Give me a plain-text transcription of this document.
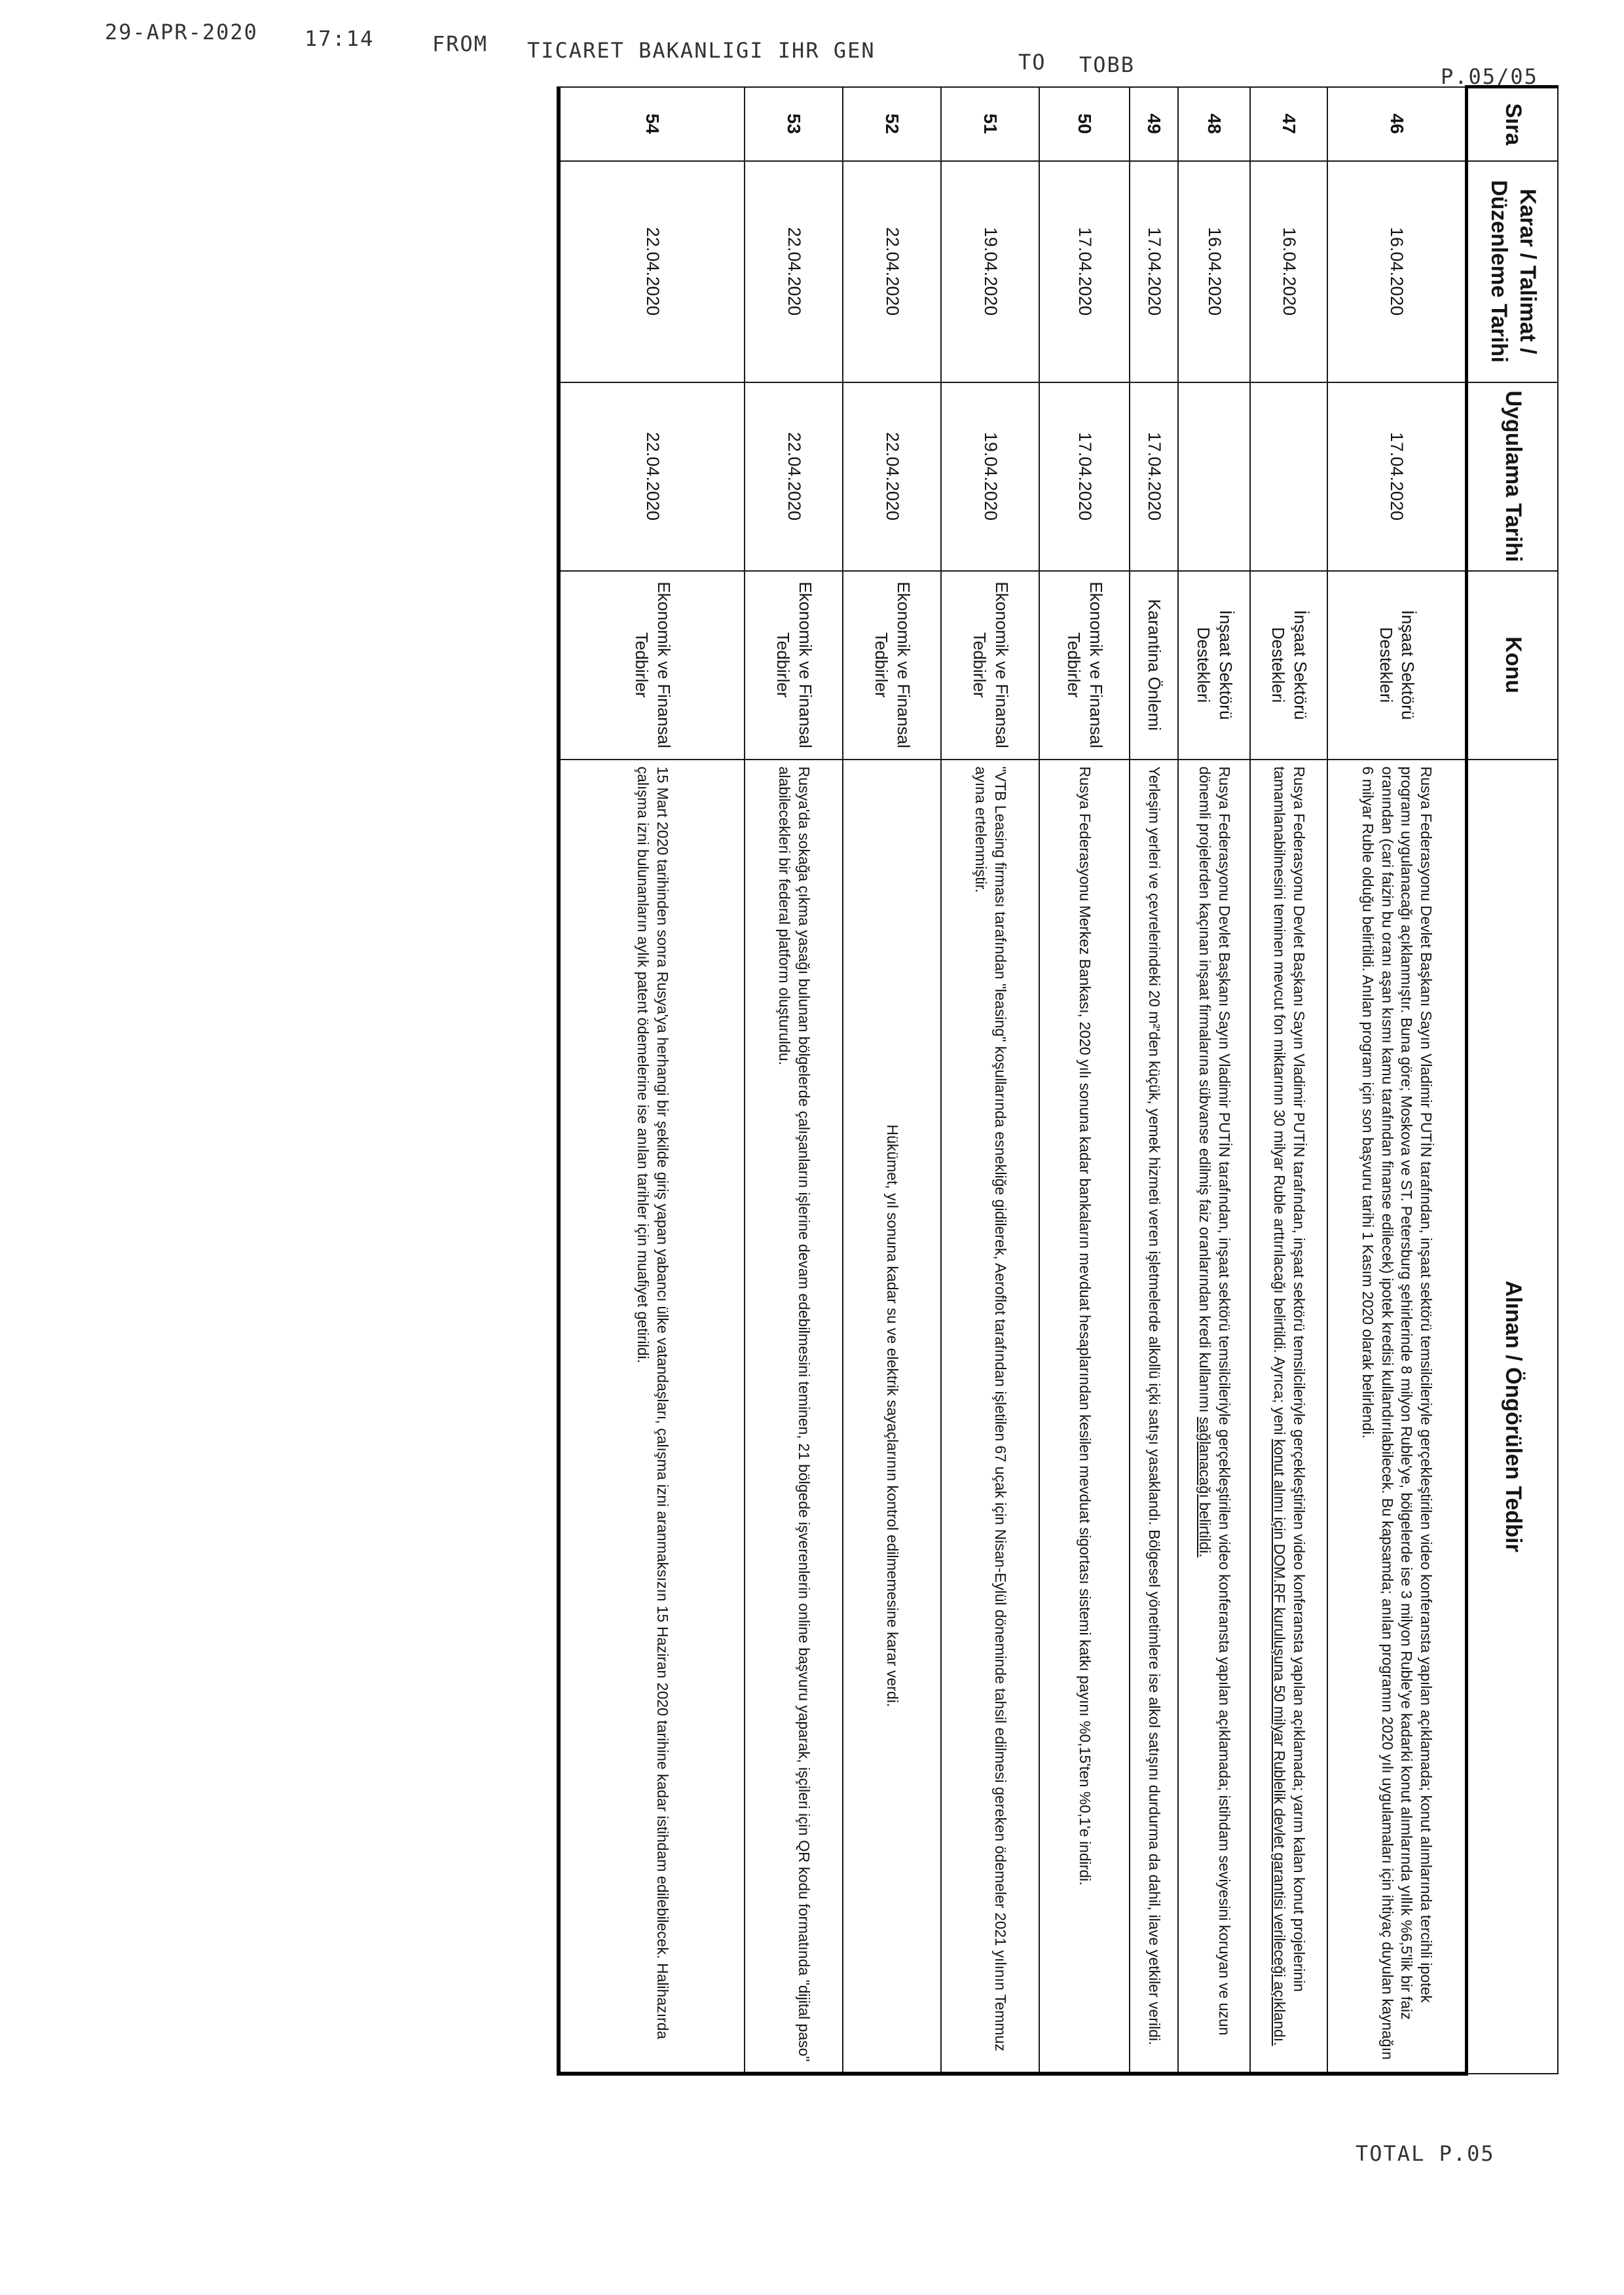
29-APR-2020 17:14	FROM TICARET BAKANLIGI IHR GEN	TO TOBB	P.05/05
TOTAL P.05
Sıra	Karar / Talimat / Düzenleme Tarihi	Uygulama Tarihi	Konu	Alınan / Öngörülen Tedbir
46	16.04.2020	17.04.2020	İnşaat Sektörü Destekleri	Rusya Federasyonu Devlet Başkanı Sayın Vladimir PUTİN tarafından, inşaat sektörü temsilcileriyle gerçekleştirilen video konferansta yapılan açıklamada; konut alımlarında tercihli ipotek programı uygulanacağı açıklanmıştır. Buna göre; Moskova ve ST. Petersburg şehirlerinde 8 milyon Ruble'ye, bölgelerde ise 3 milyon Ruble'ye kadarki konut alımlarında yıllık %6,5'lik bir faiz oranından (cari faizin bu oranı aşan kısmı kamu tarafından finanse edilecek) ipotek kredisi kullandırılabilecek. Bu kapsamda; anılan programın 2020 yılı uygulamaları için ihtiyaç duyulan kaynağın 6 milyar Ruble olduğu belirtildi. Anılan program için son başvuru tarihi 1 Kasım 2020 olarak belirlendi.
47	16.04.2020		İnşaat Sektörü Destekleri	Rusya Federasyonu Devlet Başkanı Sayın Vladimir PUTİN tarafından, inşaat sektörü temsilcileriyle gerçekleştirilen video konferansta yapılan açıklamada; yarım kalan konut projelerinin tamamlanabilmesini teminen mevcut fon miktarının 30 milyar Ruble arttırılacağı belirtildi. Ayrıca; yeni konut alımı için DOM.RF kuruluşuna 50 milyar Rublelik devlet garantisi verileceği açıklandı.
48	16.04.2020		İnşaat Sektörü Destekleri	Rusya Federasyonu Devlet Başkanı Sayın Vladimir PUTİN tarafından, inşaat sektörü temsilcileriyle gerçekleştirilen video konferansta yapılan açıklamada; istihdam seviyesini koruyan ve uzun dönemli projelerden kaçınan inşaat firmalarına sübvanse edilmiş faiz oranlarından kredi kullanımı sağlanacağı belirtildi.
49	17.04.2020	17.04.2020	Karantina Önlemi	Yerleşim yerleri ve çevrelerindeki 20 m²'den küçük, yemek hizmeti veren işletmelerde alkollü içki satışı yasaklandı. Bölgesel yönetimlere ise alkol satışını durdurma da dahil, ilave yetkiler verildi.
50	17.04.2020	17.04.2020	Ekonomik ve Finansal Tedbirler	Rusya Federasyonu Merkez Bankası, 2020 yılı sonuna kadar bankaların mevduat hesaplarından kesilen mevduat sigortası sistemi katkı payını %0,15'ten %0,1'e indirdi.
51	19.04.2020	19.04.2020	Ekonomik ve Finansal Tedbirler	"VTB Leasing firması tarafından "leasing" koşullarında esnekliğe gidilerek, Aeroflot tarafından işletilen 67 uçak için Nisan-Eylül döneminde tahsil edilmesi gereken ödemeler 2021 yılının Temmuz ayına ertelenmiştir.
52	22.04.2020	22.04.2020	Ekonomik ve Finansal Tedbirler	Hükümet, yıl sonuna kadar su ve elektrik sayaçlarının kontrol edilmemesine karar verdi.
53	22.04.2020	22.04.2020	Ekonomik ve Finansal Tedbirler	Rusya'da sokağa çıkma yasağı bulunan bölgelerde çalışanların işlerine devam edebilmesini teminen, 21 bölgede işverenlerin online başvuru yaparak, işçileri için QR kodu formatında "dijital paso" alabilecekleri bir federal platform oluşturuldu.
54	22.04.2020	22.04.2020	Ekonomik ve Finansal Tedbirler	15 Mart 2020 tarihinden sonra Rusya'ya herhangi bir şekilde giriş yapan yabancı ülke vatandaşları, çalışma izni aranmaksızın 15 Haziran 2020 tarihine kadar istihdam edilebilecek. Halihazırda çalışma izni bulunanların aylık patent ödemelerine ise anılan tarihler için muafiyet getirildi.
